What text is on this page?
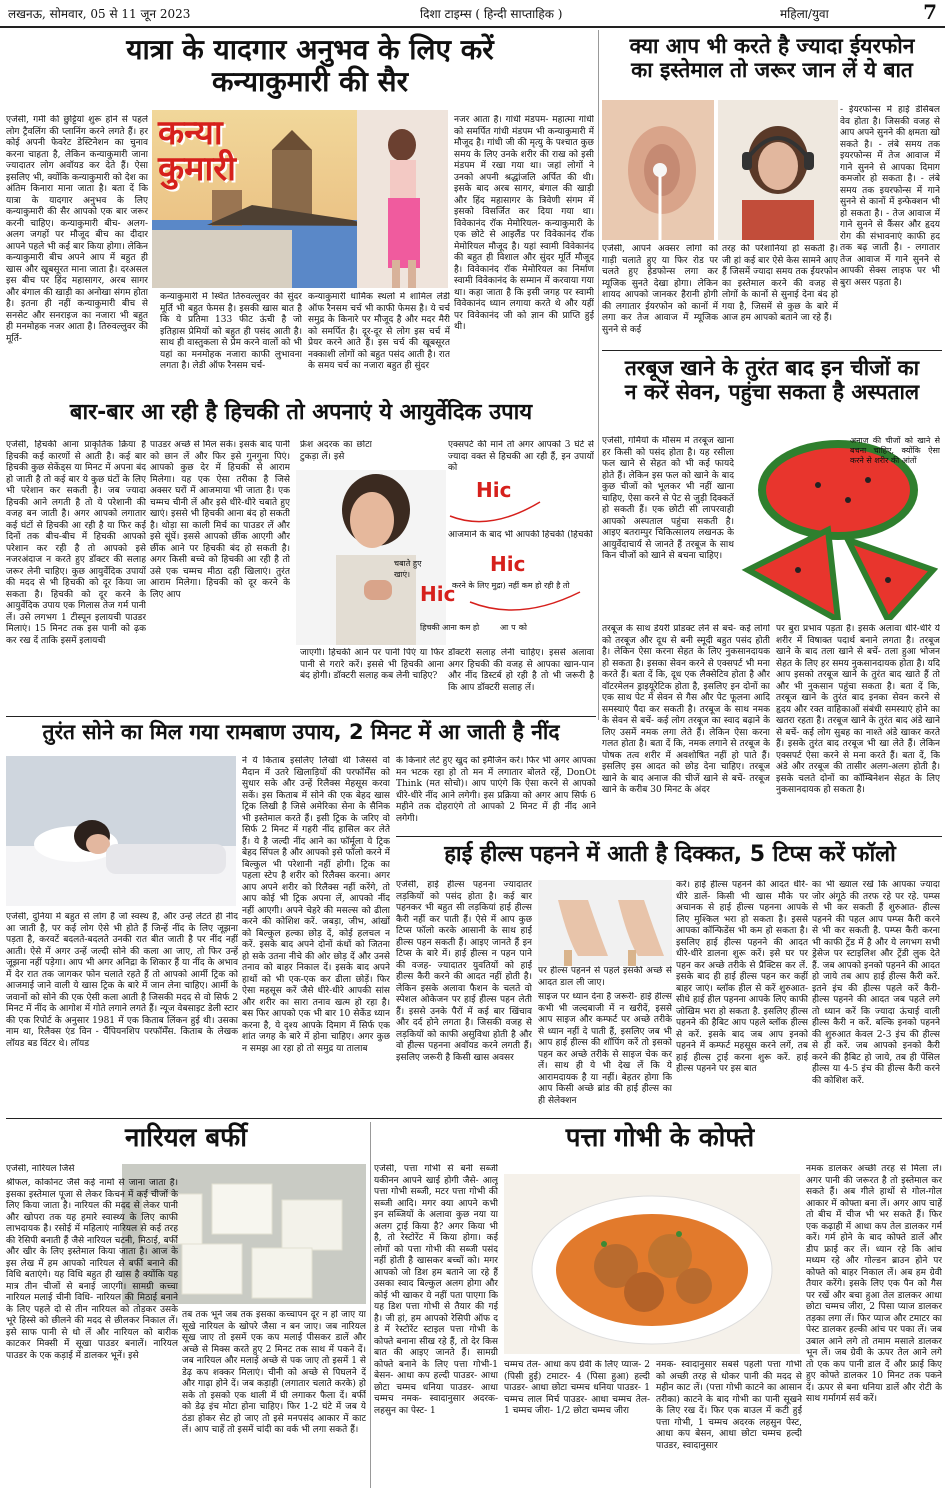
लखनऊ, सोमवार, 05 से 11 जून 2023	दिशा टाइम्स ( हिन्दी साप्ताहिक )	महिला/युवा	7
यात्रा के यादगार अनुभव के लिए करें
कन्याकुमारी की सैर
एजेंसी, गर्मी की छुट्टियां शुरू होने से पहले लोग ट्रैवलिंग की प्लानिंग करने लगते हैं। हर कोई अपनी फेवरेट डेस्टिनेशन का चुनाव करना चाहता है, लेकिन कन्याकुमारी जाना ज्यादातर लोग अवॉयड कर देते हैं। ऐसा इसलिए भी, क्योंकि कन्याकुमारी को देश का अंतिम किनारा माना जाता है। बता दें कि यात्रा के यादगार अनुभव के लिए कन्याकुमारी की सैर आपको एक बार जरूर करनी चाहिए। कन्याकुमारी बीच- अलग-अलग जगहों पर मौजूद बीच का दीदार आपने पहले भी कई बार किया होगा। लेकिन कन्याकुमारी बीच अपने आप में बहुत ही खास और खूबसूरत माना जाता है। दरअसल इस बीच पर हिंद महासागर, अरब सागर और बंगाल की खाड़ी का अनोखा संगम होता है। इतना ही नहीं कन्याकुमारी बीच से सनसेट और सनराइज का नजारा भी बहुत ही मनमोहक नजर आता है। तिरुवल्लुवर की मूर्ति-
कन्या कुमारी
कन्याकुमारी में स्थित तिरुवल्लुवर की सुंदर मूर्ति भी बहुत फेमस है। इसकी खास बात है कि ये प्रतिमा 133 फीट ऊंची है जो इतिहास प्रेमियों को बहुत ही पसंद आती है। साथ ही वास्तुकला से प्रेम करने वालों को भी यहां का मनमोहक नजारा काफी लुभावना लगता है। लेडी ऑफ रैनसम चर्च-
कन्याकुमारी धार्मिक स्थलों में शामिल लेडी ऑफ रैनसम चर्च भी काफी फेमस है। ये चर्च समुद्र के किनारे पर मौजूद है और मदर मैरी को समर्पित है। दूर-दूर से लोग इस चर्च में प्रेयर करने आते हैं। इस चर्च की खूबसूरत नक्काशी लोगों को बहुत पसंद आती है। रात के समय चर्च का नजारा बहुत ही सुंदर
नजर आता है। गांधी मंडपम- महात्मा गांधी को समर्पित गांधी मंडपम भी कन्याकुमारी में मौजूद है। गांधी जी की मृत्यु के पश्चात कुछ समय के लिए उनके शरीर की राख को इसी मंडपम में रखा गया था। जहां लोगों ने उनको अपनी श्रद्धांजलि अर्पित की थी। इसके बाद अरब सागर, बंगाल की खाड़ी और हिंद महासागर के त्रिवेणी संगम में इसको विसर्जित कर दिया गया था। विवेकानंद रॉक मेमोरियल- कन्याकुमारी के एक छोटे से आइलैंड पर विवेकानंद रॉक मेमोरियल मौजूद है। यहां स्वामी विवेकानंद की बहुत ही विशाल और सुंदर मूर्ति मौजूद है। विवेकानंद रॉक मेमोरियल का निर्माण स्वामी विवेकानंद के सम्मान में करवाया गया था। कहा जाता है कि इसी जगह पर स्वामी विवेकानंद ध्यान लगाया करते थे और यहीं पर विवेकानंद जी को ज्ञान की प्राप्ति हुई थी।
क्या आप भी करते है ज्यादा ईयरफोन
का इस्तेमाल तो जरूर जान लें ये बात
- ईयरफोन्स में हाई डेसिबल वेव होता है। जिसकी वजह से आप अपने सुनने की क्षमता खो सकते है। - लंबे समय तक इयरफोन्स में तेज आवाज में गाने सुनने से आपका दिमाग कमजोर हो सकता है। - लंबे समय तक इयरफोन्स में गाने सुनने से कानों में इन्फेक्शन भी हो सकता है। - तेज आवाज में गाने सुनने से कैंसर और हृदय रोग की संभावनाएं काफी हद तक बढ़ जाती है। - लगातार तेज आवाज में गाने सुनने से आपकी सेक्स लाइफ पर भी बुरा असर पड़ता है।
एजेंसी, आपने अक्सर लोगों को गाड़ी चलाते हुए या फिर रोड पर चलते हुए हेडफोन्स लगा कर म्यूजिक सुनते देखा होगा। लेकिन शायद आपको जानकर हैरानी होगी की लगातार ईयरफोन को कानों में लगा कर तेज आवाज में म्यूजिक सुनने से कई
तरह की परेशानियां हो सकती है। जी हां कई बार ऐसे केस सामने आए हैं जिसमें ज्यादा समय तक ईयरफोन का इस्तेमाल करने की वजह से लोगों के कानों से सुनाई देना बंद हो गया है, जिसमें से कुछ के बारे में आज हम आपको बताने जा रहे हैं।
तरबूज खाने के तुरंत बाद इन चीजों का
न करें सेवन, पहुंचा सकता है अस्पताल
एजेंसी, गर्मियों के मौसम में तरबूज खाना हर किसी को पसंद होता है। यह रसीला फल खाने से सेहत को भी कई फायदे होते हैं। लेकिन इस फल को खाने के बाद कुछ चीजों को भूलकर भी नहीं खाना चाहिए, ऐसा करने से पेट से जुड़ी दिक्कतें हो सकती हैं। एक छोटी सी लापरवाही आपको अस्पताल पहुंचा सकती है। आइए बतराम्पुर चिकित्सालय लखनऊ के आयुर्वेदाचार्य से जानते हैं तरबूज के साथ किन चीजों को खाने से बचना चाहिए।
अनाज की चीजों को खाने से बचना चाहिए, क्योंकि ऐसा करने से शरीर की आंतों
तरबूज के साथ डेयरी प्रोडक्ट लेने से बचें- कई लोगों को तरबूज और दूध से बनी स्मूदी बहुत पसंद होती है। लेकिन ऐसा करना सेहत के लिए नुकसानदायक हो सकता है। इसका सेवन करने से एक्सपर्ट भी मना करते हैं। बता दें कि, दूध एक लैक्सेटिव होता है और वॉटरमेलन ड्राइयूरेटिक होता है, इसलिए इन दोनों का एक साथ पेट में सेवन से गैस और पेट फूलना आदि समस्याएं पैदा कर सकती है। तरबूज के साथ नमक के सेवन से बचें- कई लोग तरबूज का स्वाद बढ़ाने के लिए उसमें नमक लगा लेते हैं। लेकिन ऐसा करना गलत होता है। बता दें कि, नमक लगाने से तरबूज के पोषक तत्व शरीर में अवशोषित नहीं हो पाते हैं। इसलिए इस आदत को छोड़ देना चाहिए। तरबूज खाने के बाद अनाज की चीजें खाने से बचें- तरबूज खाने के करीब 30 मिनट के अंदर
पर बुरा प्रभाव पड़ता है। इसके अलावा धीरे-धीरे ये शरीर में विषाक्त पदार्थ बनाने लगता है। तरबूज खाने के बाद तला खाने से बचें- तला हुआ भोजन सेहत के लिए हर समय नुकसानदायक होता है। यदि आप इसको तरबूज खाने के तुरंत बाद खाते हैं तो और भी नुकसान पहुंचा सकता है। बता दें कि, तरबूज खाने के तुरंत बाद इनका सेवन करने से हृदय और रक्त वाहिकाओं संबंधी समस्याएं होने का खतरा रहता है। तरबूज खाने के तुरंत बाद अंडे खाने से बचें- कई लोग सुबह का नाश्ते अंडे खाकर करते हैं। इसके तुरंत बाद तरबूज भी खा लेते हैं। लेकिन एक्सपर्ट ऐसा करने से मना करते हैं। बता दें, कि अंडे और तरबूज की तासीर अलग-अलग होती है। इसके चलते दोनों का कॉम्बिनेशन सेहत के लिए नुकसानदायक हो सकता है।
बार-बार आ रही है हिचकी तो अपनाएं ये आयुर्वेदिक उपाय
एजेंसी, हिचकी आना प्राकृतिक क्रिया है हिचकी कई कारणों से आती है। कई बार हिचकी कुछ सेकेंड्स या मिनट में अपना बंद हो जाती है तो कई बार ये कुछ घंटों के लिए भी परेशान कर सकती है। जब ज्यादा हिचकी आने लगती है तो ये परेशानी की वजह बन जाती है। अगर आपको लगातार कई घंटों से हिचकी आ रही है या फिर कई दिनों तक बीच-बीच में हिचकी आपको परेशान कर रही है तो आपको इसे नजरअंदाज न करते हुए डॉक्टर की सलाह जरूर लेनी चाहिए। कुछ आयुर्वेदिक उपायों की मदद से भी हिचकी को दूर किया जा सकता है। हिचकी को दूर करने के आयुर्वेदिक उपाय एक गिलास तेज गर्म पानी लें। उसे लगभग 1 टीस्पून इलायची पाउडर मिलाएं। 15 मिनट तक इस पानी को ढ़क कर रख दें ताकि इसमें इलायची
पाउडर अच्छे से मिल सके। इसके बाद पानी को छान लें और फिर इसे गुनगुना पिएं। आपको कुछ देर में हिचकी से आराम मिलेगा। यह एक ऐसा तरीका है जिसे अक्सर घरों में आजमाया भी जाता है। एक चम्मच चीनी लें और इसे धीरे-धीरे चबाते हुए खाएं। इससे भी हिचकी आना बंद हो सकती है। थोड़ा सा काली मिर्च का पाउडर लें और इसे सूंघें। इससे आपको छींक आएगी और छींक आने पर हिचकी बंद हो सकती है। अगर किसी बच्चे को हिचकी आ रही है तो उसे एक चम्मच मीठा दही खिलाएं। तुरंत आराम मिलेगा। हिचकी को दूर करने के लिए आप
फ्रेश अदरक का छोटा टुकड़ा लें। इसे
जाएगी। हिचकी आने पर पानी पिएं या फिर पानी से गरारे करें। इससे भी हिचकी आना बंद होगी। डॉक्टरी सलाह कब लेनी चाहिए?
एक्सपर्ट की मानें तो अगर आपको 3 घंटे से ज्यादा वक्त से हिचकी आ रही हैं, इन उपायों को
आजमाने के बाद भी आपकी हिचकी (हिचकी
डॉक्टरी सलाह लेनी चाहिए। इससे अलावा अगर हिचकी की वजह से आपका खान-पान और नींद डिस्टर्ब हो रही है तो भी जरूरी है कि आप डॉक्टरी सलाह लें।
Hic
Hic
Hic
चबाते हुए खाएं।
करने के लिए मुद्रा) नहीं कम हो रही है तो
हिचकी आना कम हो	आपको
तुरंत सोने का मिल गया रामबाण उपाय, 2 मिनट में आ जाती है नींद
एजेंसी, दुनिया में बहुत से लोग हैं जो स्वस्थ हैं, और उन्हें लेटते ही नींद आ जाती है, पर कई लोग ऐसे भी होते हैं जिन्हें नींद के लिए जूझना पड़ता है, करवटें बदलते-बदलते उनकी रात बीत जाती है पर नींद नहीं आती। ऐसे में अगर उन्हें जल्दी सोने की कला आ जाए, तो फिर उन्हें जूझना नहीं पड़ेगा। आप भी अगर अनिद्रा के शिकार हैं या नींद के अभाव में देर रात तक जागकर फोन चलाते रहते हैं तो आपको आर्मी ट्रिक को आजमाई जाने वाली ये खास ट्रिक के बारे में जान लेना चाहिए। आर्मी के जवानों को सोने की एक ऐसी कला आती है जिसकी मदद से वो सिर्फ 2 मिनट में नींद के आगोश में गोते लगाने लगते हैं। न्यूज वेबसाइट डेली स्टार की एक रिपोर्ट के अनुसार 1981 में एक किताब लिंकन हुई थी। उसका नाम था, रिलैक्स एंड विन - चैंपियनशिप परफॉर्मेंस. किताब के लेखक लॉयड बड विंटर थे। लॉयड
ने ये किताब इसलिए लिखी थी जिससे वो मैदान में उतरे खिलाड़ियों की परफॉर्मेंस को सुधार सके और उन्हें रिलैक्स मेहसूस करवा सकें। इस किताब में सोने की एक बेहद खास ट्रिक लिखी है जिसे अमेरिका सेना के सैनिक भी इस्तेमाल करते हैं। इसी ट्रिक के जरिए वो सिर्फ 2 मिनट में गहरी नींद हासिल कर लेते हैं। ये है जल्दी नींद आने का फॉर्मूला ये ट्रिक बेहद सिंपल है और आपको इसे फॉलो करने में बिल्कुल भी परेशानी नहीं होगी। ट्रिक का पहला स्टेप है शरीर को रिलैक्स करना। अगर आप अपने शरीर को रिलैक्स नहीं करेंगे, तो आप कोई भी ट्रिक अपना लें, आपको नींद नहीं आएगी। अपने चेहरे की मसल्स को ढीला करने की कोशिश करें. जबड़ा, जीभ, आंखों को बिल्कुल हल्का छोड़ दें, कोई हलचल न करें. इसके बाद अपने दोनों कंधों को जितना हो सके उतना नीचे की ओर छोड़ दें और उनसे तनाव को बाहर निकाल दें। इसके बाद अपने हाथों को भी एक-एक कर ढीला छोड़ें। फिर ऐसा महसूस करें जैसे धीरे-धीरे आपकी सांस और शरीर का सारा तनाव खत्म हो रहा है। बस फिर आपको एक भी बार 10 सेकेंड ध्यान करना है, ये दृश्य आपके दिमाग में सिर्फ एक शांत जगह के बारे में होना चाहिए। अगर कुछ न समझ आ रहा हो तो समुद्र या तालाब
के किनारे लेटे हुए खुद को इमैजिन करें। फिर भी अगर आपका मन भटक रहा हो तो मन में लगातार बोलते रहें, DonOt Think (मत सोचो)। आप पाएंगे कि ऐसा करने से आपको धीरे-धीरे नींद आने लगेगी। इस प्रक्रिया को अगर आप सिर्फ 6 महीने तक दोहराएंगे तो आपको 2 मिनट में ही नींद आने लगेगी।
हाई हील्स पहनने में आती है दिक्कत, 5 टिप्स करें फॉलो
एजेंसी, हाई हील्स पहनना ज्यादातर लड़कियों को पसंद होता है। कई बार पहनकर भी बहुत सी लड़कियां हाई हील्स कैरी नहीं कर पाती हैं। ऐसे में आप कुछ टिप्स फॉलो करके आसानी के साथ हाई हील्स पहन सकती हैं। आइए जानते हैं इन टिप्स के बारे में। हाई हील्स न पहन पाने की वजह- ज्यादातर युवतियों को हाई हील्स कैरी करने की आदत नहीं होती है। लेकिन इसके अलावा फैशन के चलते वो स्पेशल ओकेजन पर हाई हील्स पहन लेती हैं। इससे उनके पैरों में कई बार खिंचाव और दर्द होने लगता है। जिसकी वजह से लड़कियों को काफी असुविधा होती है और वो हील्स पहनना अवॉयड करने लगती हैं। इसलिए जरूरी है किसी खास अवसर
पर हील्स पहनने से पहले इसकी अच्छे से आदत डाल ली जाए।
साइज पर ध्यान देना है जरूरी- हाई हील्स कभी भी जल्दबाजी में न खरीदें, इससे आप साइज और कम्फर्ट पर अच्छे तरीके से ध्यान नहीं दे पाती हैं, इसलिए जब भी आप हाई हील्स की शॉपिंग करें तो इसको पहन कर अच्छे तरीके से साइज चेक कर लें। साथ ही ये भी देख लें कि ये आरामदायक है या नहीं। बेहतर होगा कि आप किसी अच्छे ब्रांड की हाई हील्स का ही सेलेक्शन
करें। हाई हील्स पहनने की आदत धीरे-धीरे डालें- किसी भी खास मौके पर अचानक से हाई हील्स पहनना आपके लिए मुश्किल भरा हो सकता है। इससे आपका कॉन्फिडेंस भी कम हो सकता है। इसलिए हाई हील्स पहनने की आदत धीरे-धीरे डालना शुरू करें। इसे घर पर पहन कर अच्छे तरीके से प्रैक्टिस कर लें. इसके बाद ही हाई हील्स पहन कर कहीं बाहर जाएं। ब्लॉक हील से करें शुरुआत- सीधे हाई हील पहनना आपके लिए काफी जोखिम भरा हो सकता है. इसलिए हील्स पहनने की हैबिट आप पहले ब्लॉक हील्स से करें. इसके बाद जब आप इनको पहनने में कम्फर्ट महसूस करने लगें, तब हाई हील्स ट्राई करना शुरू करें. हाई हील्स पहनने पर इस बात
का भी ख्याल रखें कि आपका ज्यादा जोर अंगूठे की तरफ रहे पर रहे. पम्प्स से भी कर सकती हैं शुरुआत- हील्स पहनने की पहल आप पम्प्स कैरी करने से भी कर सकती है. पम्प्स कैरी करना भी काफी ट्रेंड में है और ये लगभग सभी ड्रेसेज पर स्टाइलिश और ट्रेंडी लुक देते हैं. जब आपको इनको पहनने की आदत हो जाये तब आप हाई हील्स कैरी करें. इतने इंच की हील्स पहले करें कैरी- हील्स पहनने की आदत जब पहले लगे तो ध्यान करें कि ज्यादा ऊंचाई वाली हील्स कैरी न करें. बल्कि इनको पहनने की शुरुआत केवल 2-3 इंच की हील्स से ही करें. जब आपको इनको कैरी करने की हैबिट हो जाये, तब ही पेंसिल हील्स या 4-5 इंच की हील्स कैरी करने की कोशिश करें.
नारियल बर्फी
एजेंसी, नारियल जिसे
श्रीफल, कोकोनट जैसे कई नामों से जाना जाता है। इसका इस्तेमाल पूजा से लेकर किचन में कई चीजों के लिए किया जाता है। नारियल की मदद से लेकर पानी और खोपरा तक यह हमारे स्वास्थ्य के लिए काफी लाभदायक है। रसोई में महिलाएं नारियल से कई तरह की रेसिपी बनाती हैं जैसे नारियल चटनी, मिठाई, बर्फी और खीर के लिए इस्तेमाल किया जाता है। आज के इस लेख में हम आपको नारियल से बर्फी बनाने की विधि बताएंगे। यह विधि बहुत ही खास है क्योंकि यह मात्र तीन चीजों से बनाई जाएगी। सामग्री कच्चा नारियल मलाई चीनी विधि- नारियल की मिठाई बनाने के लिए पहले दो से तीन नारियल को तोड़कर उसके भूरे हिस्से को छीलने की मदद से छीलकर निकाल लें। इसे साफ पानी से धो लें और नारियल को बारीक काटकर मिक्सी में सूखा पाउडर बनालें। नारियल पाउडर के एक कड़ाई में डालकर भूनें। इसे
तब तक भूनें जब तक इसका कच्चापन दूर न हो जाए या सूखे नारियल के खोपरे जैसा न बन जाए। जब नारियल सूख जाए तो इसमें एक कप मलाई पीसकर डालें और अच्छे से मिक्स करते हुए 2 मिनट तक साथ में पकने दें। जब नारियल और मलाई अच्छे से पक जाए तो इसमें 1 से डेढ़ कप शक्कर मिलाएं। चीनी को अच्छे से पिघलने दें और गाढ़ा होने दें। जब कड़ाही (लगातार चलाते करके) हो सके तो इसको एक थाली में घी लगाकर फैला दें। बर्फी को डेढ़ इंच मोटा होना चाहिए। फिर 1-2 घंटे में जब ये ठंडा होकर सेट हो जाए तो इसे मनपसंद आकार में काट लें। आप चाहें तो इसमें चांदी का वर्क भी लगा सकते हैं।
पत्ता गोभी के कोफ्ते
एजेंसी, पत्ता गोभी से बनी सब्जी यकीनन आपने खाई होगी जैसे- आलू पत्ता गोभी सब्जी, मटर पत्ता गोभी की सब्जी आदि। मगर क्या आपने कभी इन सब्जियों के अलावा कुछ नया या अलग ट्राई किया है? अगर किया भी है, तो रेस्टोरेंट में किया होगा। कई लोगों को पत्ता गोभी की सब्जी पसंद नहीं होती है खासकर बच्चों को। मगर आपको जो डिश हम बताने जा रहे हैं उसका स्वाद बिल्कुल अलग होगा और कोई भी खाकर ये नहीं पता पाएगा कि यह डिश पत्ता गोभी से तैयार की गई है। जी हां, हम आपको रेसिपी ऑफ द डे में रेस्टोरेंट स्टाइल पत्ता गोभी के कोफ्ते बनाना सीख रहे हैं, तो देर किस बात की आइए जानते हैं। सामग्री कोफ्ते बनाने के लिए पत्ता गोभी-1 बेसन- आधा कप हल्दी पाउडर- आधा छोटा चम्मच धनिया पाउडर- आधा चम्मच नमक- स्वादानुसार अदरक-लहसुन का पेस्ट- 1
चम्मच तेल- आधा कप ग्रेवी के लिए प्याज- 2 (पिसी हुई) टमाटर- 4 (पिसा हुआ) हल्दी पाउडर- आधा छोटा चम्मच धनिया पाउडर- 1 चम्मच लाल मिर्च पाउडर- आधा चम्मच तेल- 1 चम्मच जीरा- 1/2 छोटा चम्मच जीरा
नमक- स्वादानुसार सबसे पहली पत्ता गोभी को अच्छी तरह से धोकर पानी की मदद से महीन काट लें। (पत्ता गोभी काटने का आसान तरीका) काटने के बाद गोभी का पानी सूखने के लिए रख दें। फिर एक बाउल में कटी हुई पत्ता गोभी, 1 चम्मच अदरक लहसुन पेस्ट, आधा कप बेसन, आधा छोटा चम्मच हल्दी पाउडर, स्वादानुसार
नमक डालकर अच्छी तरह से मिला लें। अगर पानी की जरूरत है तो इस्तेमाल कर सकते हैं। अब गीले हाथों से गोल-गोल आकार में कोफ्ता बना लें। अगर आप चाहें तो बीच में चीज भी भर सकते हैं। फिर एक कढ़ाही में आधा कप तेल डालकर गर्म करें। गर्म होने के बाद कोफ्ते डालें और डीप फ्राई कर लें। ध्यान रहे कि आंच मध्यम रहे और गोल्डन ब्राउन होने पर कोफ्ते को बाहर निकाल लें। अब हम ग्रेवी तैयार करेंगे। इसके लिए एक पैन को गैस पर रखें और बचा हुआ तेल डालकर आधा छोटा चम्मच जीरा, 2 पिसा प्याज डालकर तड़का लगा लें। फिर प्याज और टमाटर का पेस्ट डालकर हल्की आंच पर पका लें। जब उबाल आने लगे तो तमाम मसाले डालकर भून लें। जब ग्रेवी के ऊपर तेल आने लगे तो एक कप पानी डाल दें और फ्राई किए हुए कोफ्ते डालकर 10 मिनट तक पकने दें। ऊपर से बना धनिया डालें और रोटी के साथ गर्मागर्म सर्व करें।
